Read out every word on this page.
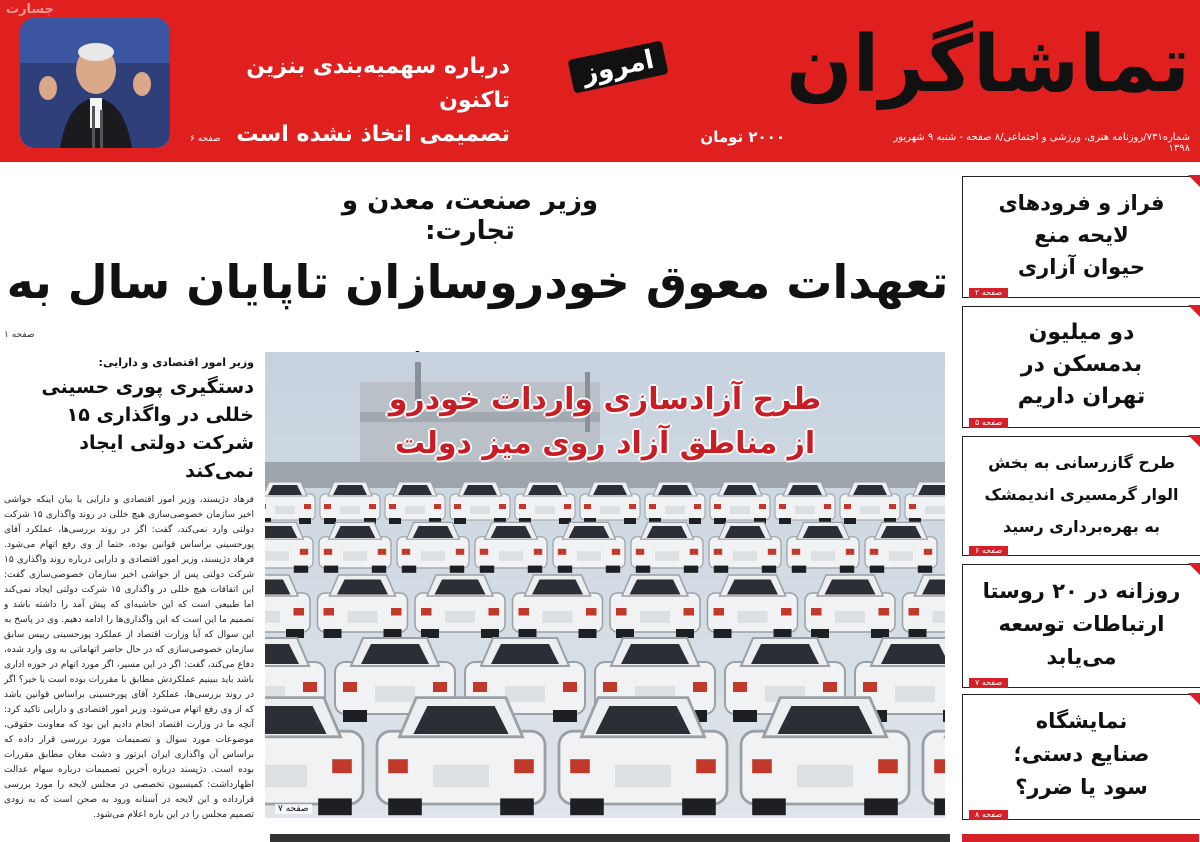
جسارت
درباره سهمیه‌بندی بنزین تاکنون
تصمیمی اتخاذ نشده است
صفحه ۶
تماشاگران
امروز
شماره۷۳۱/روزنامه هنری، ورزشی و اجتماعی/۸ صفحه - شنبه ۹ شهریور ۱۳۹۸
۲۰۰۰ تومان
وزیر صنعت، معدن و تجارت:
تعهدات معوق خودروسازان تاپایان سال به
صفحه ۱
وزیر امور اقتصادی و دارایی:
دستگیری پوری حسینی
خللی در واگذاری ۱۵
شرکت دولتی ایجاد نمی‌کند
فرهاد دژپسند، وزیر امور اقتصادی و دارایی با بیان اینکه حواشی اخیر سازمان خصوصی‌سازی هیچ خللی در روند واگذاری ۱۵ شرکت دولتی وارد نمی‌کند، گفت: اگر در روند بررسی‌ها، عملکرد آقای پورحسینی براساس قوانین بوده، حتما از وی رفع اتهام می‌شود. فرهاد دژپسند، وزیر امور اقتصادی و دارایی درباره روند واگذاری ۱۵ شرکت دولتی پس از حواشی اخیر سازمان خصوصی‌سازی گفت: این اتفاقات هیچ خللی در واگذاری ۱۵ شرکت دولتی ایجاد نمی‌کند اما طبیعی است که این حاشیه‌ای که پیش آمد را داشته باشد و تصمیم ما این است که این واگذاری‌ها را ادامه دهیم. وی در پاسخ به این سوال که آیا وزارت اقتصاد از عملکرد پورحسینی رییس سابق سازمان خصوصی‌سازی که در حال حاضر اتهاماتی به وی وارد شده، دفاع می‌کند، گفت: اگر در این مسیر، اگر مورد اتهام در حوزه اداری باشد باید ببینیم عملکردش مطابق با مقررات بوده است یا خیر؟ اگر در روند بررسی‌ها، عملکرد آقای پورحسینی براساس قوانین باشد که از وی رفع اتهام می‌شود. وزیر امور اقتصادی و دارایی تاکید کرد: آنچه ما در وزارت اقتصاد انجام دادیم این بود که معاونت حقوقی، موضوعات مورد سوال و تصمیمات مورد بررسی قرار داده که براساس آن واگذاری ایران ایرتور و دشت مغان مطابق مقررات بوده است. دژپسند درباره آخرین تصمیمات درباره سهام عدالت اظهارداشت: کمیسیون تخصصی در مجلس لایحه را مورد بررسی قرارداده و این لایحه در آستانه ورود به صحن است که به زودی تصمیم مجلس را در این باره اعلام می‌شود.
طرح آزادسازی واردات خودرو
از مناطق آزاد روی میز دولت
صفحه ۷
فراز و فرودهای
لایحه منع
حیوان آزاری
صفحه ۲
دو میلیون
بدمسکن در
تهران داریم
صفحه ۵
طرح گازرسانی به بخش
الوار گرمسیری اندیمشک
به بهره‌برداری رسید
صفحه ۶
روزانه در ۲۰ روستا
ارتباطات توسعه
می‌یابد
صفحه ۷
نمایشگاه
صنایع دستی؛
سود یا ضرر؟
صفحه ۸
